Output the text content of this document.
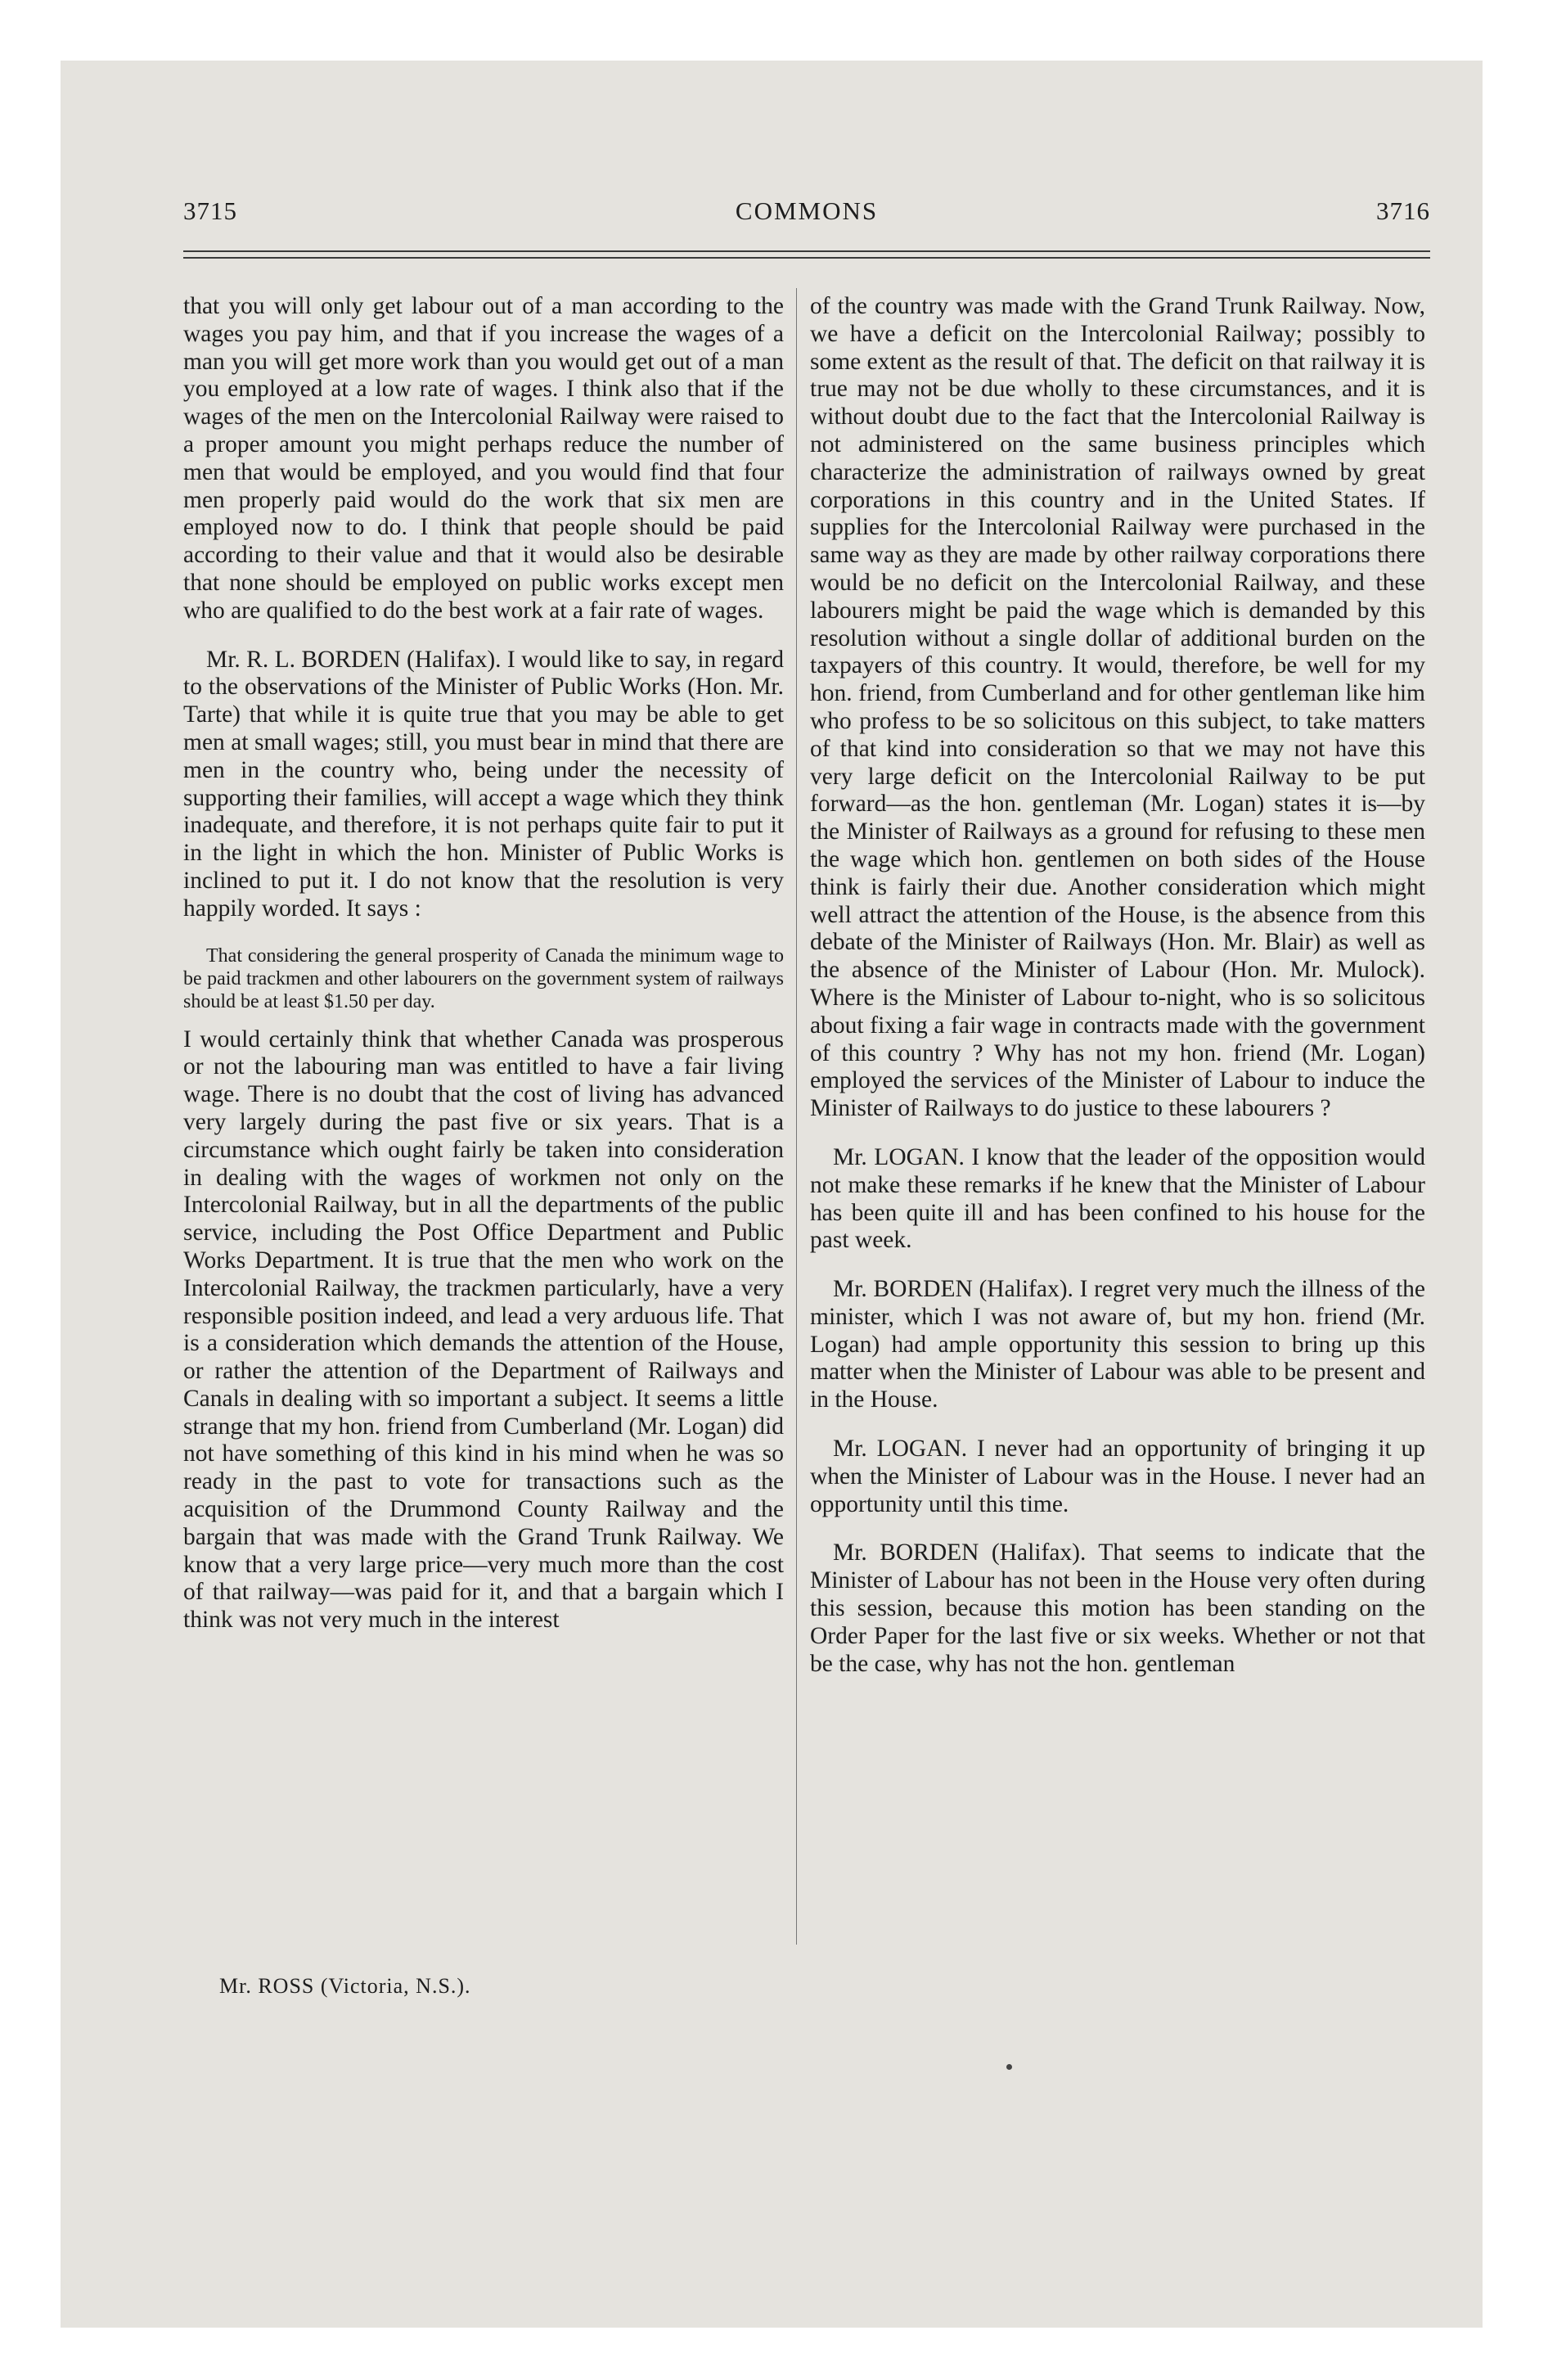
3715	COMMONS	3716

that you will only get labour out of a man according to the wages you pay him, and that if you increase the wages of a man you will get more work than you would get out of a man you employed at a low rate of wages. I think also that if the wages of the men on the Intercolonial Railway were raised to a proper amount you might perhaps reduce the number of men that would be employed, and you would find that four men properly paid would do the work that six men are employed now to do. I think that people should be paid according to their value and that it would also be desirable that none should be employed on public works except men who are qualified to do the best work at a fair rate of wages.

Mr. R. L. BORDEN (Halifax). I would like to say, in regard to the observations of the Minister of Public Works (Hon. Mr. Tarte) that while it is quite true that you may be able to get men at small wages; still, you must bear in mind that there are men in the country who, being under the necessity of supporting their families, will accept a wage which they think inadequate, and therefore, it is not perhaps quite fair to put it in the light in which the hon. Minister of Public Works is inclined to put it. I do not know that the resolution is very happily worded. It says :

That considering the general prosperity of Canada the minimum wage to be paid trackmen and other labourers on the government system of railways should be at least $1.50 per day.

I would certainly think that whether Canada was prosperous or not the labouring man was entitled to have a fair living wage. There is no doubt that the cost of living has advanced very largely during the past five or six years. That is a circumstance which ought fairly be taken into consideration in dealing with the wages of workmen not only on the Intercolonial Railway, but in all the departments of the public service, including the Post Office Department and Public Works Department. It is true that the men who work on the Intercolonial Railway, the trackmen particularly, have a very responsible position indeed, and lead a very arduous life. That is a consideration which demands the attention of the House, or rather the attention of the Department of Railways and Canals in dealing with so important a subject. It seems a little strange that my hon. friend from Cumberland (Mr. Logan) did not have something of this kind in his mind when he was so ready in the past to vote for transactions such as the acquisition of the Drummond County Railway and the bargain that was made with the Grand Trunk Railway. We know that a very large price—very much more than the cost of that railway—was paid for it, and that a bargain which I think was not very much in the interest

of the country was made with the Grand Trunk Railway. Now, we have a deficit on the Intercolonial Railway; possibly to some extent as the result of that. The deficit on that railway it is true may not be due wholly to these circumstances, and it is without doubt due to the fact that the Intercolonial Railway is not administered on the same business principles which characterize the administration of railways owned by great corporations in this country and in the United States. If supplies for the Intercolonial Railway were purchased in the same way as they are made by other railway corporations there would be no deficit on the Intercolonial Railway, and these labourers might be paid the wage which is demanded by this resolution without a single dollar of additional burden on the taxpayers of this country. It would, therefore, be well for my hon. friend, from Cumberland and for other gentleman like him who profess to be so solicitous on this subject, to take matters of that kind into consideration so that we may not have this very large deficit on the Intercolonial Railway to be put forward—as the hon. gentleman (Mr. Logan) states it is—by the Minister of Railways as a ground for refusing to these men the wage which hon. gentlemen on both sides of the House think is fairly their due. Another consideration which might well attract the attention of the House, is the absence from this debate of the Minister of Railways (Hon. Mr. Blair) as well as the absence of the Minister of Labour (Hon. Mr. Mulock). Where is the Minister of Labour to-night, who is so solicitous about fixing a fair wage in contracts made with the government of this country ? Why has not my hon. friend (Mr. Logan) employed the services of the Minister of Labour to induce the Minister of Railways to do justice to these labourers ?

Mr. LOGAN. I know that the leader of the opposition would not make these remarks if he knew that the Minister of Labour has been quite ill and has been confined to his house for the past week.

Mr. BORDEN (Halifax). I regret very much the illness of the minister, which I was not aware of, but my hon. friend (Mr. Logan) had ample opportunity this session to bring up this matter when the Minister of Labour was able to be present and in the House.

Mr. LOGAN. I never had an opportunity of bringing it up when the Minister of Labour was in the House. I never had an opportunity until this time.

Mr. BORDEN (Halifax). That seems to indicate that the Minister of Labour has not been in the House very often during this session, because this motion has been standing on the Order Paper for the last five or six weeks. Whether or not that be the case, why has not the hon. gentleman

Mr. ROSS (Victoria, N.S.).
